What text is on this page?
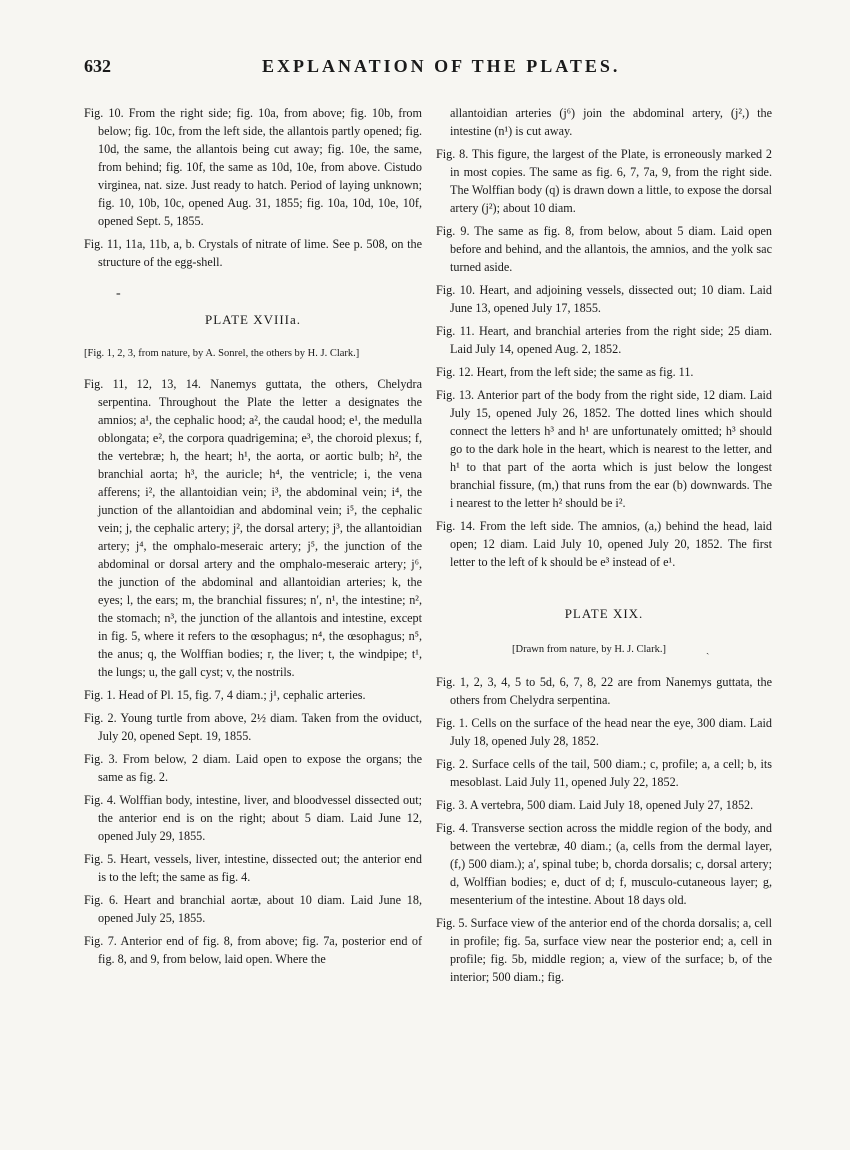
632	EXPLANATION OF THE PLATES.

Fig. 10. From the right side; fig. 10a, from above; fig. 10b, from below; fig. 10c, from the left side, the allantois partly opened; fig. 10d, the same, the allantois being cut away; fig. 10e, the same, from behind; fig. 10f, the same as 10d, 10e, from above. Cistudo virginea, nat. size. Just ready to hatch. Period of laying unknown; fig. 10, 10b, 10c, opened Aug. 31, 1855; fig. 10a, 10d, 10e, 10f, opened Sept. 5, 1855.

Fig. 11, 11a, 11b, a, b. Crystals of nitrate of lime. See p. 508, on the structure of the egg-shell.

-

PLATE XVIIIa.

[Fig. 1, 2, 3, from nature, by A. Sonrel, the others by H. J. Clark.]

Fig. 11, 12, 13, 14. Nanemys guttata, the others, Chelydra serpentina. Throughout the Plate the letter a designates the amnios; a¹, the cephalic hood; a², the caudal hood; e¹, the medulla oblongata; e², the corpora quadrigemina; e³, the choroid plexus; f, the vertebræ; h, the heart; h¹, the aorta, or aortic bulb; h², the branchial aorta; h³, the auricle; h⁴, the ventricle; i, the vena afferens; i², the allantoidian vein; i³, the abdominal vein; i⁴, the junction of the allantoidian and abdominal vein; i⁵, the cephalic vein; j, the cephalic artery; j², the dorsal artery; j³, the allantoidian artery; j⁴, the omphalo-meseraic artery; j⁵, the junction of the abdominal or dorsal artery and the omphalo-meseraic artery; j⁶, the junction of the abdominal and allantoidian arteries; k, the eyes; l, the ears; m, the branchial fissures; nʹ, n¹, the intestine; n², the stomach; n³, the junction of the allantois and intestine, except in fig. 5, where it refers to the œsophagus; n⁴, the œsophagus; n⁵, the anus; q, the Wolffian bodies; r, the liver; t, the windpipe; t¹, the lungs; u, the gall cyst; v, the nostrils.

Fig. 1. Head of Pl. 15, fig. 7, 4 diam.; j¹, cephalic arteries.

Fig. 2. Young turtle from above, 2½ diam. Taken from the oviduct, July 20, opened Sept. 19, 1855.

Fig. 3. From below, 2 diam. Laid open to expose the organs; the same as fig. 2.

Fig. 4. Wolffian body, intestine, liver, and bloodvessel dissected out; the anterior end is on the right; about 5 diam. Laid June 12, opened July 29, 1855.

Fig. 5. Heart, vessels, liver, intestine, dissected out; the anterior end is to the left; the same as fig. 4.

Fig. 6. Heart and branchial aortæ, about 10 diam. Laid June 18, opened July 25, 1855.

Fig. 7. Anterior end of fig. 8, from above; fig. 7a, posterior end of fig. 8, and 9, from below, laid open. Where the

allantoidian arteries (j⁶) join the abdominal artery, (j²,) the intestine (n¹) is cut away.

Fig. 8. This figure, the largest of the Plate, is erroneously marked 2 in most copies. The same as fig. 6, 7, 7a, 9, from the right side. The Wolffian body (q) is drawn down a little, to expose the dorsal artery (j²); about 10 diam.

Fig. 9. The same as fig. 8, from below, about 5 diam. Laid open before and behind, and the allantois, the amnios, and the yolk sac turned aside.

Fig. 10. Heart, and adjoining vessels, dissected out; 10 diam. Laid June 13, opened July 17, 1855.

Fig. 11. Heart, and branchial arteries from the right side; 25 diam. Laid July 14, opened Aug. 2, 1852.

Fig. 12. Heart, from the left side; the same as fig. 11.

Fig. 13. Anterior part of the body from the right side, 12 diam. Laid July 15, opened July 26, 1852. The dotted lines which should connect the letters h³ and h¹ are unfortunately omitted; h³ should go to the dark hole in the heart, which is nearest to the letter, and h¹ to that part of the aorta which is just below the longest branchial fissure, (m,) that runs from the ear (b) downwards. The i nearest to the letter h² should be i².

Fig. 14. From the left side. The amnios, (a,) behind the head, laid open; 12 diam. Laid July 10, opened July 20, 1852. The first letter to the left of k should be e³ instead of e¹.

PLATE XIX.

[Drawn from nature, by H. J. Clark.]	ˎ

Fig. 1, 2, 3, 4, 5 to 5d, 6, 7, 8, 22 are from Nanemys guttata, the others from Chelydra serpentina.

Fig. 1. Cells on the surface of the head near the eye, 300 diam. Laid July 18, opened July 28, 1852.

Fig. 2. Surface cells of the tail, 500 diam.; c, profile; a, a cell; b, its mesoblast. Laid July 11, opened July 22, 1852.

Fig. 3. A vertebra, 500 diam. Laid July 18, opened July 27, 1852.

Fig. 4. Transverse section across the middle region of the body, and between the vertebræ, 40 diam.; (a, cells from the dermal layer, (f,) 500 diam.); aʹ, spinal tube; b, chorda dorsalis; c, dorsal artery; d, Wolffian bodies; e, duct of d; f, musculo-cutaneous layer; g, mesenterium of the intestine. About 18 days old.

Fig. 5. Surface view of the anterior end of the chorda dorsalis; a, cell in profile; fig. 5a, surface view near the posterior end; a, cell in profile; fig. 5b, middle region; a, view of the surface; b, of the interior; 500 diam.; fig.
